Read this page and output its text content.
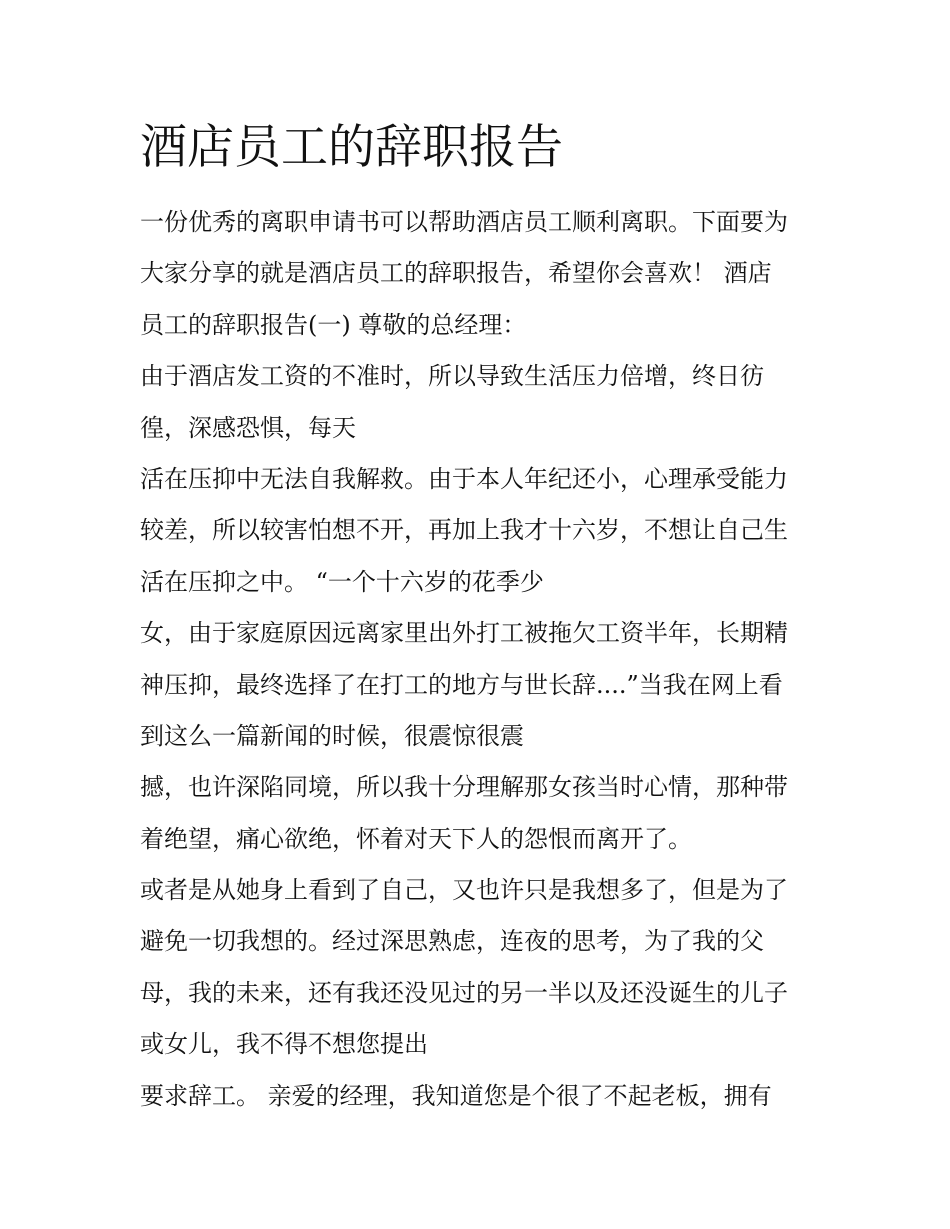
酒店员工的辞职报告
一份优秀的离职申请书可以帮助酒店员工顺利离职。下面要为
大家分享的就是酒店员工的辞职报告，希望你会喜欢！ 酒店
员工的辞职报告(一) 尊敬的总经理：
由于酒店发工资的不准时，所以导致生活压力倍增，终日彷
徨，深感恐惧，每天
活在压抑中无法自我解救。由于本人年纪还小，心理承受能力
较差，所以较害怕想不开，再加上我才十六岁，不想让自己生
活在压抑之中。 “一个十六岁的花季少
女，由于家庭原因远离家里出外打工被拖欠工资半年，长期精
神压抑，最终选择了在打工的地方与世长辞....”当我在网上看
到这么一篇新闻的时候，很震惊很震
撼，也许深陷同境，所以我十分理解那女孩当时心情，那种带
着绝望，痛心欲绝，怀着对天下人的怨恨而离开了。
或者是从她身上看到了自己，又也许只是我想多了，但是为了
避免一切我想的。经过深思熟虑，连夜的思考，为了我的父
母，我的未来，还有我还没见过的另一半以及还没诞生的儿子
或女儿，我不得不想您提出
要求辞工。 亲爱的经理，我知道您是个很了不起老板，拥有
